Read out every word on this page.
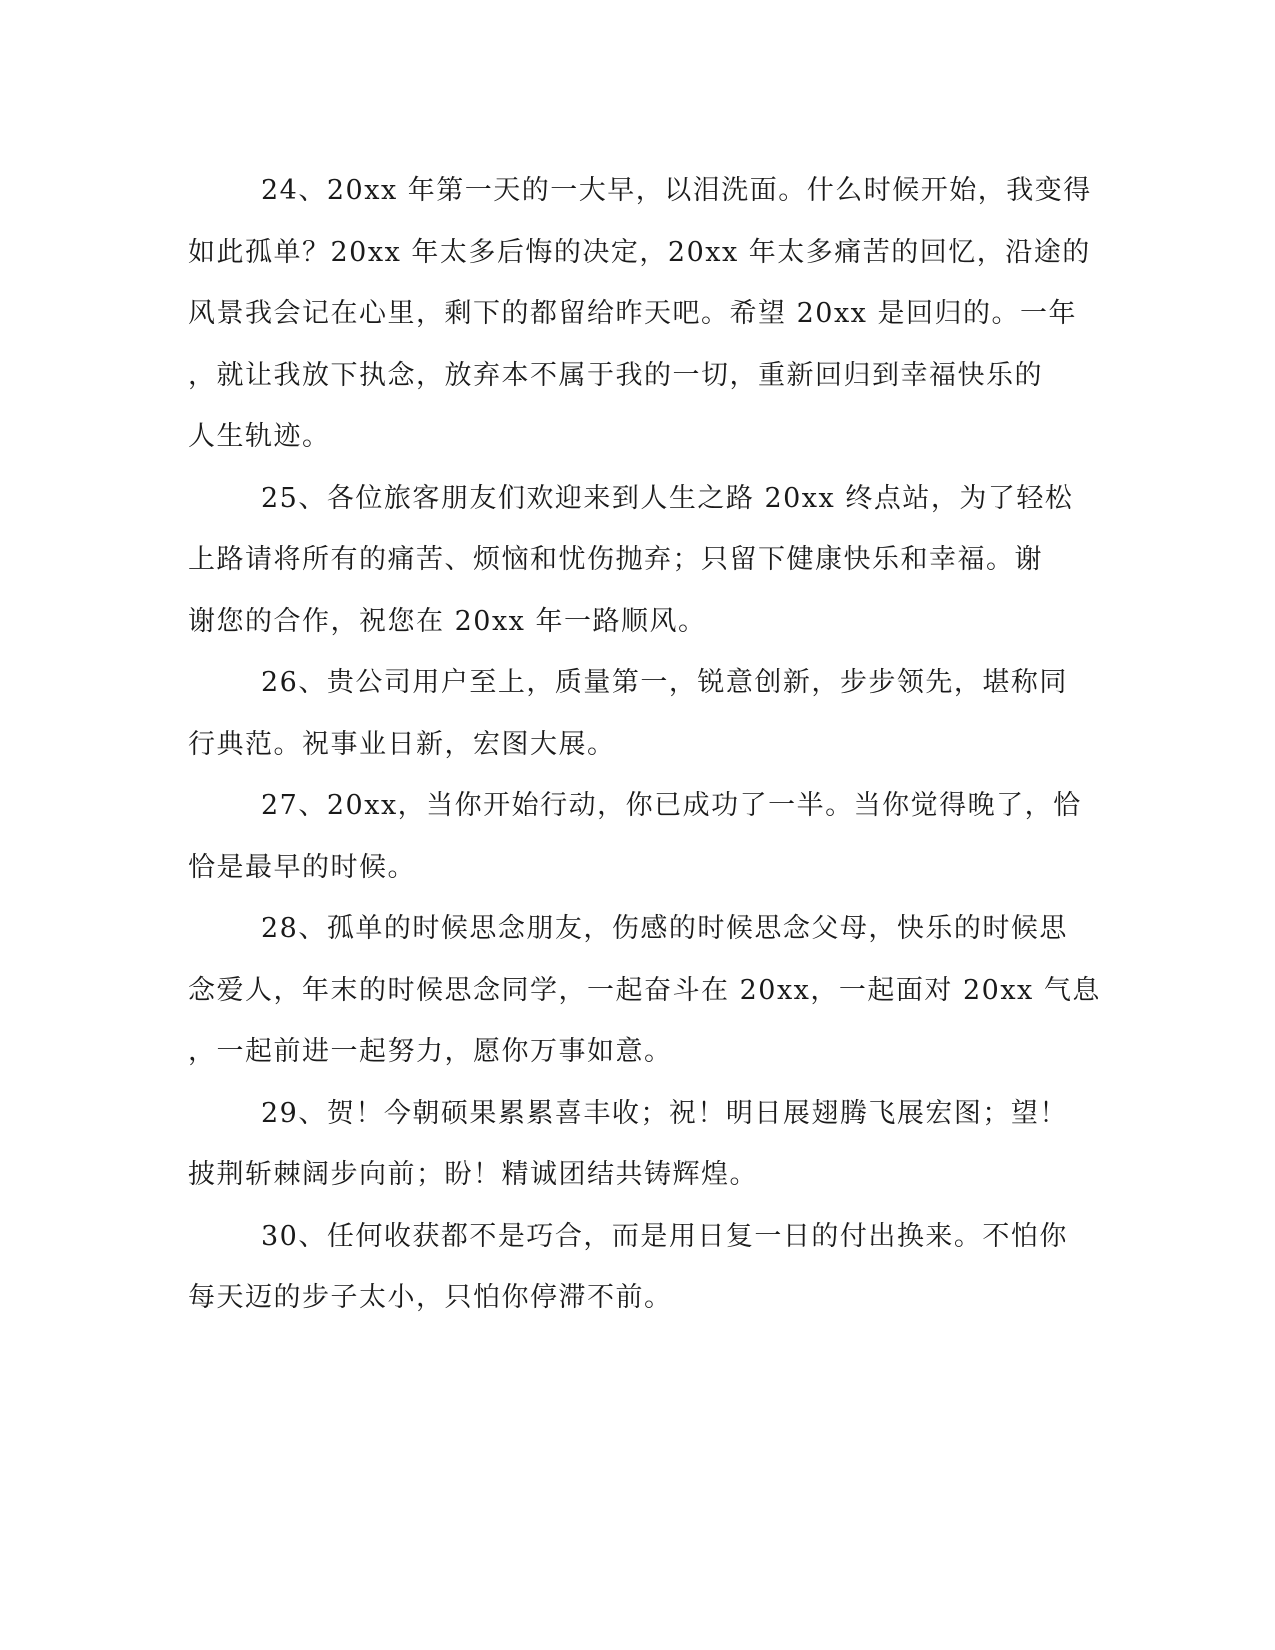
24、20xx 年第一天的一大早，以泪洗面。什么时候开始，我变得
如此孤单？20xx 年太多后悔的决定，20xx 年太多痛苦的回忆，沿途的
风景我会记在心里，剩下的都留给昨天吧。希望 20xx 是回归的。一年
，就让我放下执念，放弃本不属于我的一切，重新回归到幸福快乐的
人生轨迹。
25、各位旅客朋友们欢迎来到人生之路 20xx 终点站，为了轻松
上路请将所有的痛苦、烦恼和忧伤抛弃；只留下健康快乐和幸福。谢
谢您的合作，祝您在 20xx 年一路顺风。
26、贵公司用户至上，质量第一，锐意创新，步步领先，堪称同
行典范。祝事业日新，宏图大展。
27、20xx，当你开始行动，你已成功了一半。当你觉得晚了，恰
恰是最早的时候。
28、孤单的时候思念朋友，伤感的时候思念父母，快乐的时候思
念爱人，年末的时候思念同学，一起奋斗在 20xx，一起面对 20xx 气息
，一起前进一起努力，愿你万事如意。
29、贺！今朝硕果累累喜丰收；祝！明日展翅腾飞展宏图；望！
披荆斩棘阔步向前；盼！精诚团结共铸辉煌。
30、任何收获都不是巧合，而是用日复一日的付出换来。不怕你
每天迈的步子太小，只怕你停滞不前。
